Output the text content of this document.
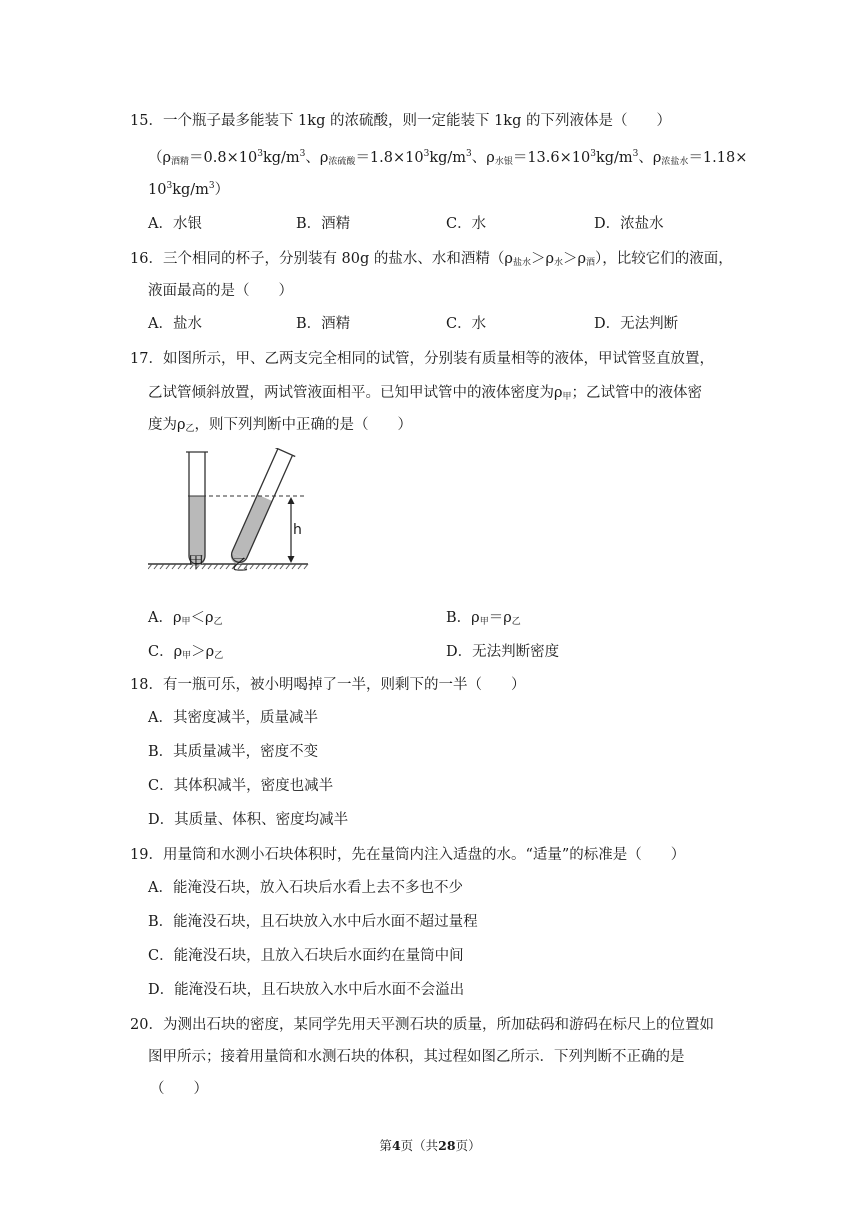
15．一个瓶子最多能装下 1kg 的浓硫酸，则一定能装下 1kg 的下列液体是（　　）
（$\rho_{酒精}=0.8\times 10^3kg/m^3$、$\rho_{浓硫酸}=1.8\times 10^3kg/m^3$、$\rho_{水银}=13.6\times 10^3kg/m^3$、$\rho_{浓盐水}=1.18\times$
$10^3kg/m^3$）
A．水银	B．酒精	C．水	D．浓盐水
16．三个相同的杯子，分别装有 80g 的盐水、水和酒精$(\rho_{盐水}>\rho_水>\rho_酒)$，比较它们的液面，
液面最高的是（　　）
A．盐水	B．酒精	C．水	D．无法判断
17．如图所示，甲、乙两支完全相同的试管，分别装有质量相等的液体，甲试管竖直放置，
乙试管倾斜放置，两试管液面相平。已知甲试管中的液体密度为$\rho_甲$；乙试管中的液体密
度为$\rho_乙$，则下列判断中正确的是（　　）
h
甲 乙
A．$\rho_甲<\rho_乙$	B．$\rho_甲=\rho_乙$
C．$\rho_甲>\rho_乙$	D．无法判断密度
18．有一瓶可乐，被小明喝掉了一半，则剩下的一半（　　）
A．其密度减半，质量减半
B．其质量减半，密度不变
C．其体积减半，密度也减半
D．其质量、体积、密度均减半
19．用量筒和水测小石块体积时，先在量筒内注入适盘的水。“适量”的标准是（　　）
A．能淹没石块，放入石块后水看上去不多也不少
B．能淹没石块，且石块放入水中后水面不超过量程
C．能淹没石块，且放入石块后水面约在量筒中间
D．能淹没石块，且石块放入水中后水面不会溢出
20．为测出石块的密度，某同学先用天平测石块的质量，所加砝码和游码在标尺上的位置如
图甲所示；接着用量筒和水测石块的体积，其过程如图乙所示．下列判断不正确的是
（　　）
第4页（共28页）
